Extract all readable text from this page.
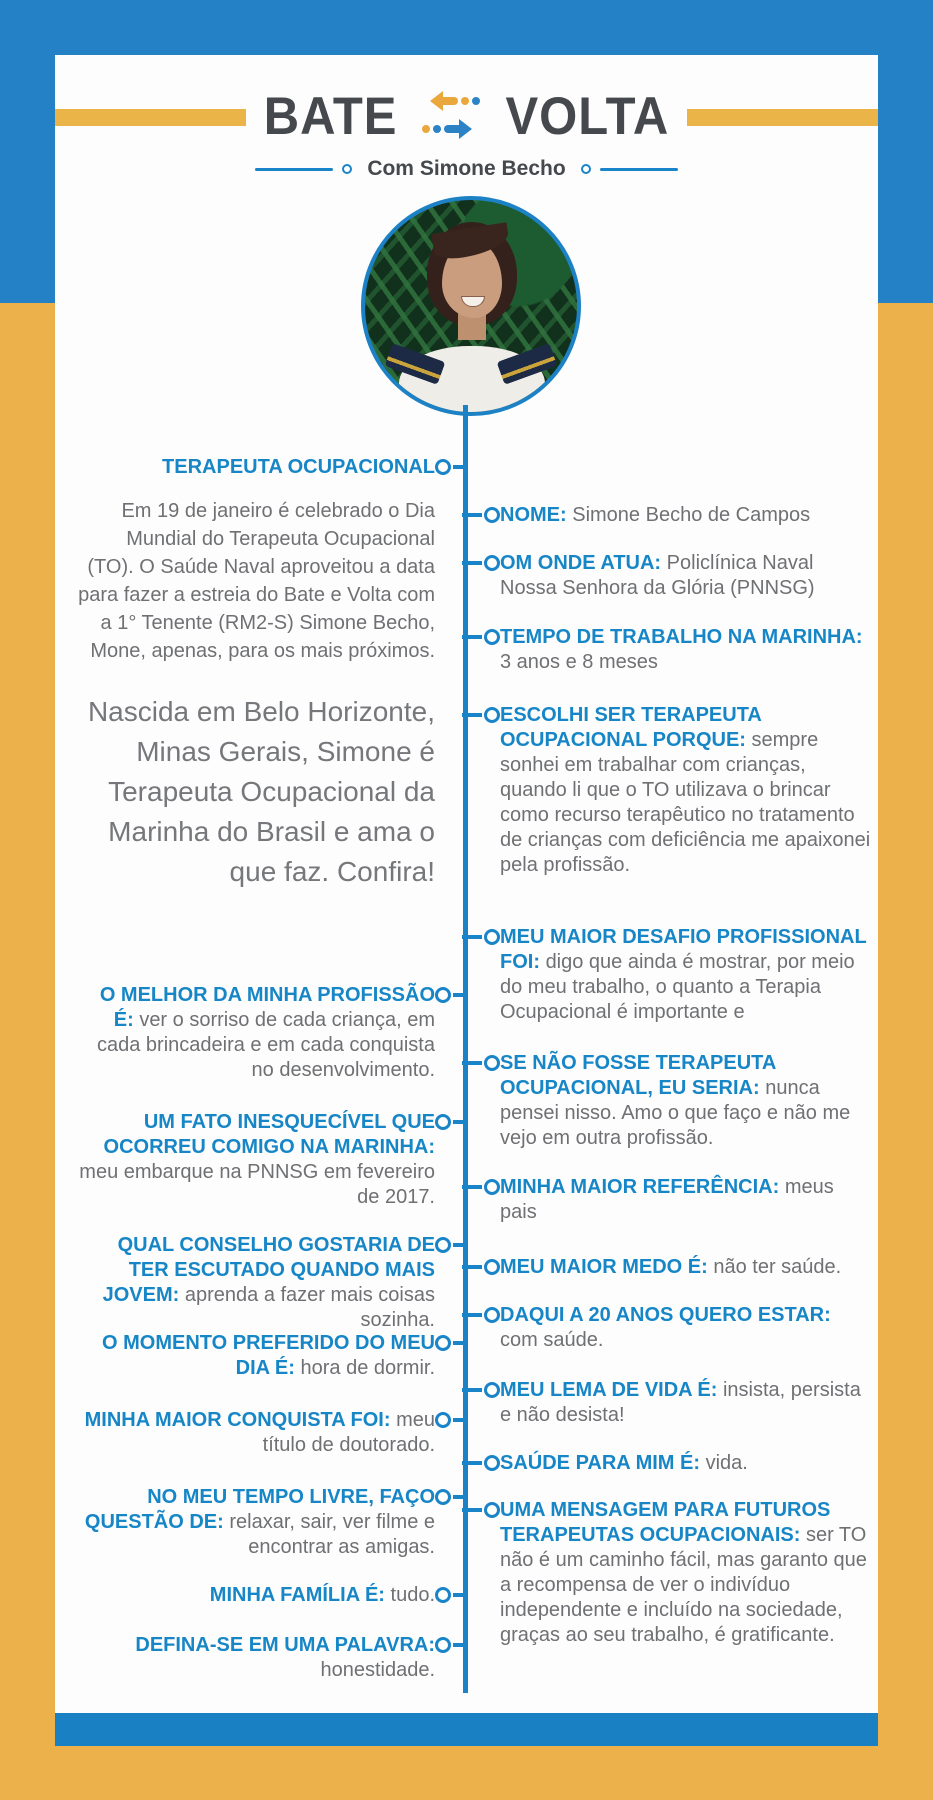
BATE VOLTA
Com Simone Becho

TERAPEUTA OCUPACIONAL

Em 19 de janeiro é celebrado o Dia Mundial do Terapeuta Ocupacional (TO). O Saúde Naval aproveitou a data para fazer a estreia do Bate e Volta com a 1° Tenente (RM2-S) Simone Becho, Mone, apenas, para os mais próximos.

Nascida em Belo Horizonte, Minas Gerais, Simone é Terapeuta Ocupacional da Marinha do Brasil e ama o que faz. Confira!

O MELHOR DA MINHA PROFISSÃO É: ver o sorriso de cada criança, em cada brincadeira e em cada conquista no desenvolvimento.

UM FATO INESQUECÍVEL QUE OCORREU COMIGO NA MARINHA: meu embarque na PNNSG em fevereiro de 2017.

QUAL CONSELHO GOSTARIA DE TER ESCUTADO QUANDO MAIS JOVEM: aprenda a fazer mais coisas sozinha.

O MOMENTO PREFERIDO DO MEU DIA É: hora de dormir.

MINHA MAIOR CONQUISTA FOI: meu título de doutorado.

NO MEU TEMPO LIVRE, FAÇO QUESTÃO DE: relaxar, sair, ver filme e encontrar as amigas.

MINHA FAMÍLIA É: tudo.

DEFINA-SE EM UMA PALAVRA: honestidade.

NOME: Simone Becho de Campos

OM ONDE ATUA: Policlínica Naval Nossa Senhora da Glória (PNNSG)

TEMPO DE TRABALHO NA MARINHA: 3 anos e 8 meses

ESCOLHI SER TERAPEUTA OCUPACIONAL PORQUE: sempre sonhei em trabalhar com crianças, quando li que o TO utilizava o brincar como recurso terapêutico no tratamento de crianças com deficiência me apaixonei pela profissão.

MEU MAIOR DESAFIO PROFISSIONAL FOI: digo que ainda é mostrar, por meio do meu trabalho, o quanto a Terapia Ocupacional é importante e

SE NÃO FOSSE TERAPEUTA OCUPACIONAL, EU SERIA: nunca pensei nisso. Amo o que faço e não me vejo em outra profissão.

MINHA MAIOR REFERÊNCIA: meus pais

MEU MAIOR MEDO É: não ter saúde.

DAQUI A 20 ANOS QUERO ESTAR: com saúde.

MEU LEMA DE VIDA É: insista, persista e não desista!

SAÚDE PARA MIM É: vida.

UMA MENSAGEM PARA FUTUROS TERAPEUTAS OCUPACIONAIS: ser TO não é um caminho fácil, mas garanto que a recompensa de ver o indivíduo independente e incluído na sociedade, graças ao seu trabalho, é gratificante.
